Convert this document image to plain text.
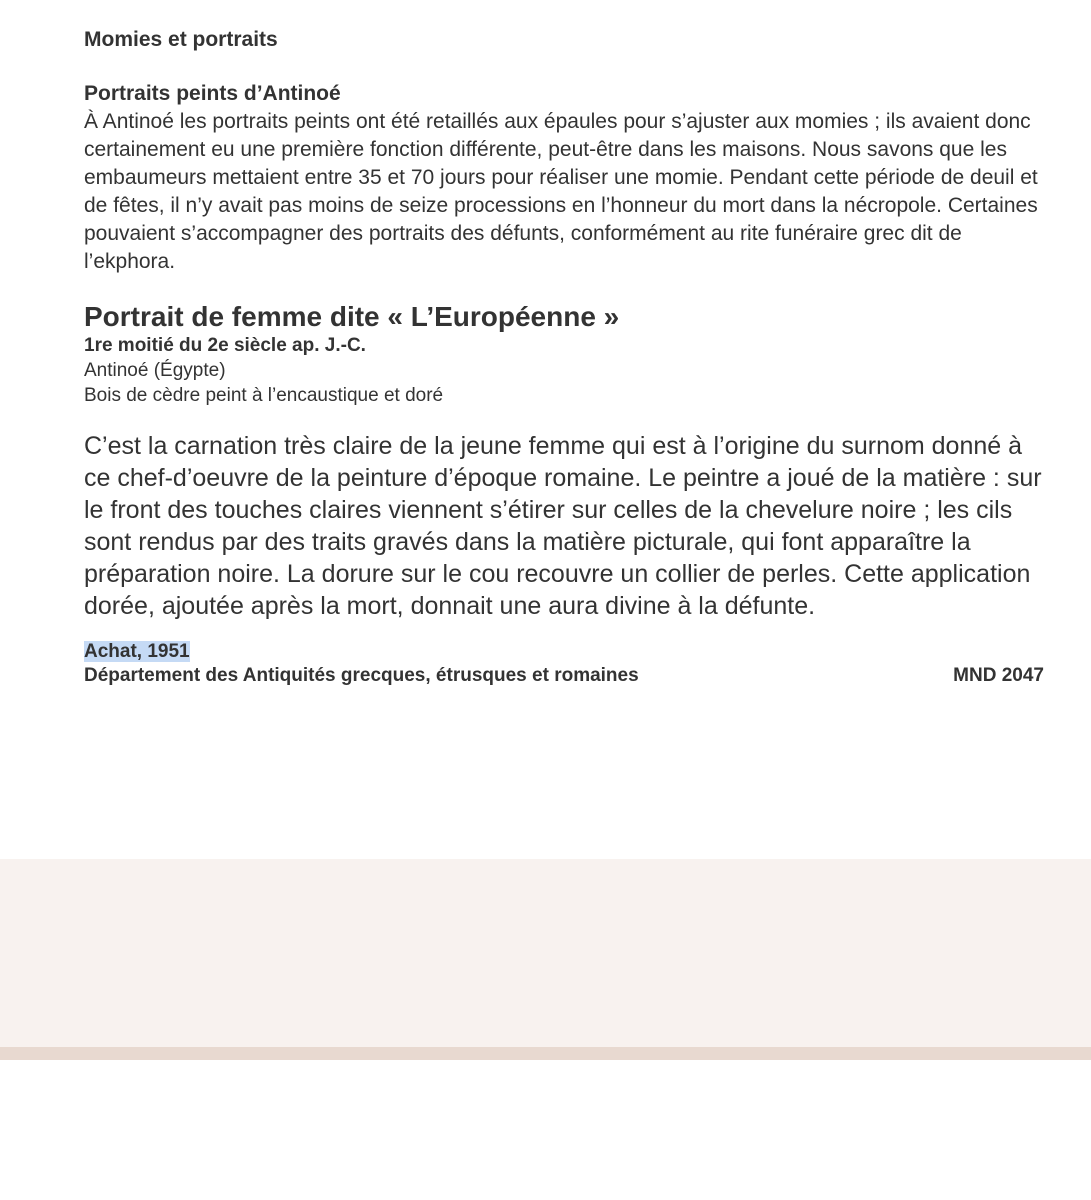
Momies et portraits

Portraits peints d’Antinoé

À Antinoé les portraits peints ont été retaillés aux épaules pour s’ajuster aux momies ; ils avaient donc certainement eu une première fonction différente, peut-être dans les maisons. Nous savons que les embaumeurs mettaient entre 35 et 70 jours pour réaliser une momie. Pendant cette période de deuil et de fêtes, il n’y avait pas moins de seize processions en l’honneur du mort dans la nécropole. Certaines pouvaient s’accompagner des portraits des défunts, conformément au rite funéraire grec dit de l’ekphora.

Portrait de femme dite « L’Européenne »

1re moitié du 2e siècle ap. J.-C.

Antinoé (Égypte)

Bois de cèdre peint à l’encaustique et doré

C’est la carnation très claire de la jeune femme qui est à l’origine du surnom donné à ce chef-d’oeuvre de la peinture d’époque romaine. Le peintre a joué de la matière : sur le front des touches claires viennent s’étirer sur celles de la chevelure noire ; les cils sont rendus par des traits gravés dans la matière picturale, qui font apparaître la préparation noire. La dorure sur le cou recouvre un collier de perles. Cette application dorée, ajoutée après la mort, donnait une aura divine à la défunte.

Achat, 1951

Département des Antiquités grecques, étrusques et romaines	MND 2047
